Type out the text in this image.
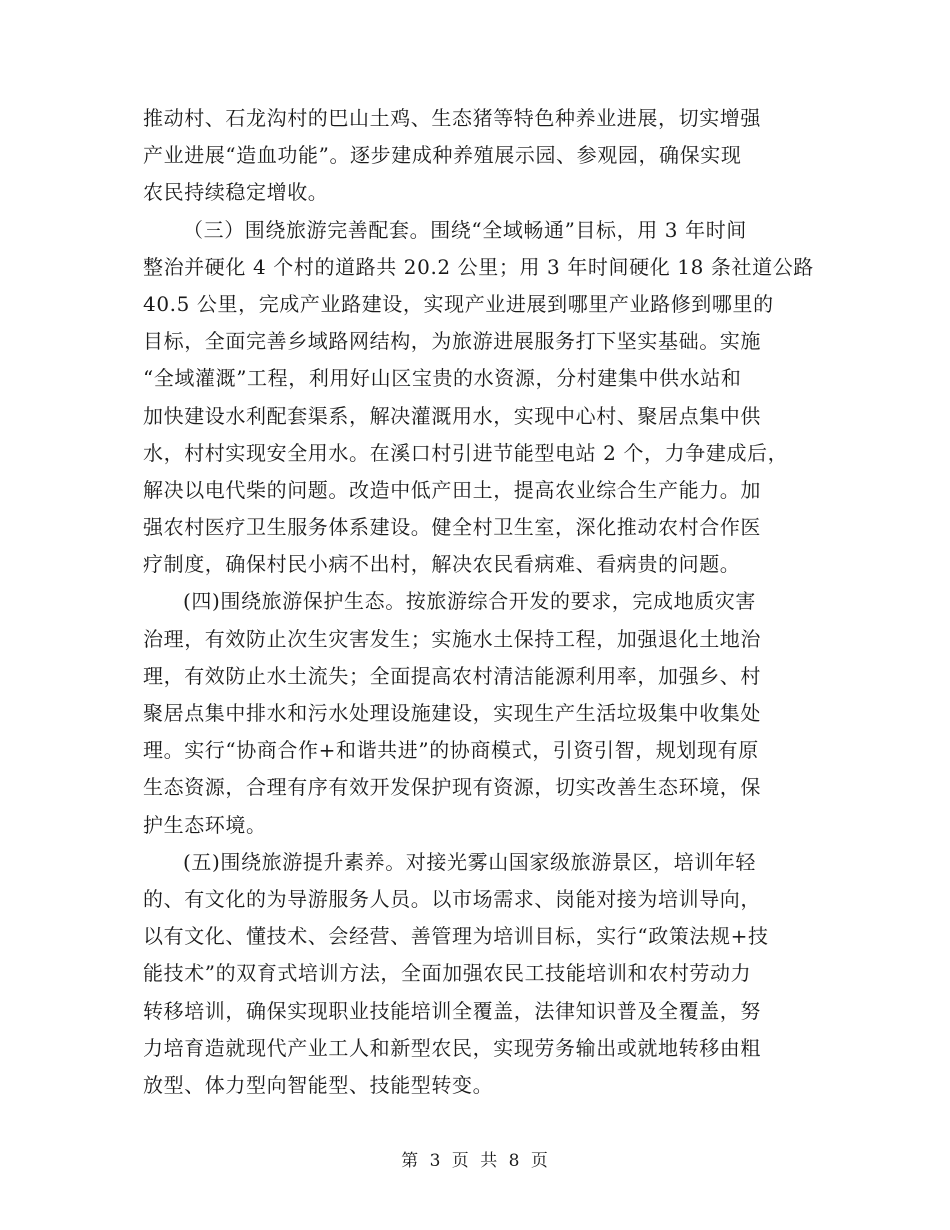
推动村、石龙沟村的巴山土鸡、生态猪等特色种养业进展，切实增强
产业进展“造血功能”。逐步建成种养殖展示园、参观园，确保实现
农民持续稳定增收。
（三）围绕旅游完善配套。围绕“全域畅通”目标，用 3 年时间
整治并硬化 4 个村的道路共 20.2 公里；用 3 年时间硬化 18 条社道公路
40.5 公里，完成产业路建设，实现产业进展到哪里产业路修到哪里的
目标，全面完善乡域路网结构，为旅游进展服务打下坚实基础。实施
“全域灌溉”工程，利用好山区宝贵的水资源，分村建集中供水站和
加快建设水利配套渠系，解决灌溉用水，实现中心村、聚居点集中供
水，村村实现安全用水。在溪口村引进节能型电站 2 个，力争建成后，
解决以电代柴的问题。改造中低产田土，提高农业综合生产能力。加
强农村医疗卫生服务体系建设。健全村卫生室，深化推动农村合作医
疗制度，确保村民小病不出村，解决农民看病难、看病贵的问题。
(四)围绕旅游保护生态。按旅游综合开发的要求，完成地质灾害
治理，有效防止次生灾害发生；实施水土保持工程，加强退化土地治
理，有效防止水土流失；全面提高农村清洁能源利用率，加强乡、村
聚居点集中排水和污水处理设施建设，实现生产生活垃圾集中收集处
理。实行“协商合作+和谐共进”的协商模式，引资引智，规划现有原
生态资源，合理有序有效开发保护现有资源，切实改善生态环境，保
护生态环境。
(五)围绕旅游提升素养。对接光雾山国家级旅游景区，培训年轻
的、有文化的为导游服务人员。以市场需求、岗能对接为培训导向，
以有文化、懂技术、会经营、善管理为培训目标，实行“政策法规+技
能技术”的双育式培训方法，全面加强农民工技能培训和农村劳动力
转移培训，确保实现职业技能培训全覆盖，法律知识普及全覆盖，努
力培育造就现代产业工人和新型农民，实现劳务输出或就地转移由粗
放型、体力型向智能型、技能型转变。
第 3 页 共 8 页
